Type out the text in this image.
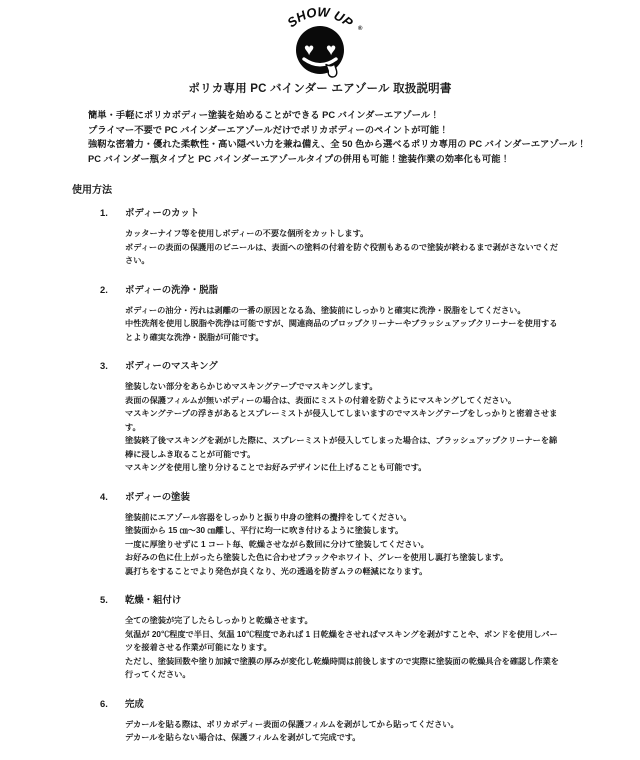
SHOW UP ®
♥ ♥
ポリカ専用 PC バインダー エアゾール 取扱説明書

簡単・手軽にポリカボディー塗装を始めることができる PC バインダーエアゾール！

プライマー不要で PC バインダーエアゾールだけでポリカボディーのペイントが可能！

強靭な密着力・優れた柔軟性・高い隠ぺい力を兼ね備え、全 50 色から選べるポリカ専用の PC バインダーエアゾール！

PC バインダー瓶タイプと PC バインダーエアゾールタイプの併用も可能！塗装作業の効率化も可能！

使用方法
1.	ボディーのカット

カッターナイフ等を使用しボディーの不要な個所をカットします。

ボディーの表面の保護用のビニールは、表面への塗料の付着を防ぐ役割もあるので塗装が終わるまで剥がさないでください。

2.	ボディーの洗浄・脱脂

ボディーの油分・汚れは剥離の一番の原因となる為、塗装前にしっかりと確実に洗浄・脱脂をしてください。

中性洗剤を使用し脱脂や洗浄は可能ですが、関連商品のプロップクリーナーやブラッシュアップクリーナーを使用するとより確実な洗浄・脱脂が可能です。

3.	ボディーのマスキング

塗装しない部分をあらかじめマスキングテープでマスキングします。

表面の保護フィルムが無いボディーの場合は、表面にミストの付着を防ぐようにマスキングしてください。

マスキングテープの浮きがあるとスプレーミストが侵入してしまいますのでマスキングテープをしっかりと密着させます。

塗装終了後マスキングを剥がした際に、スプレーミストが侵入してしまった場合は、ブラッシュアップクリーナーを綿棒に浸しふき取ることが可能です。

マスキングを使用し塗り分けることでお好みデザインに仕上げることも可能です。

4.	ボディーの塗装

塗装前にエアゾール容器をしっかりと振り中身の塗料の攪拌をしてください。

塗装面から 15 ㎝～30 ㎝離し、平行に均一に吹き付けるように塗装します。

一度に厚塗りせずに 1 コート毎、乾燥させながら数回に分けて塗装してください。

お好みの色に仕上がったら塗装した色に合わせブラックやホワイト、グレーを使用し裏打ち塗装します。

裏打ちをすることでより発色が良くなり、光の透過を防ぎムラの軽減になります。

5.	乾燥・組付け

全ての塗装が完了したらしっかりと乾燥させます。

気温が 20℃程度で半日、気温 10℃程度であれば 1 日乾燥をさせればマスキングを剥がすことや、ボンドを使用しパーツを接着させる作業が可能になります。

ただし、塗装回数や塗り加減で塗膜の厚みが変化し乾燥時間は前後しますので実際に塗装面の乾燥具合を確認し作業を行ってください。

6.	完成

デカールを貼る際は、ポリカボディー表面の保護フィルムを剥がしてから貼ってください。

デカールを貼らない場合は、保護フィルムを剥がして完成です。
